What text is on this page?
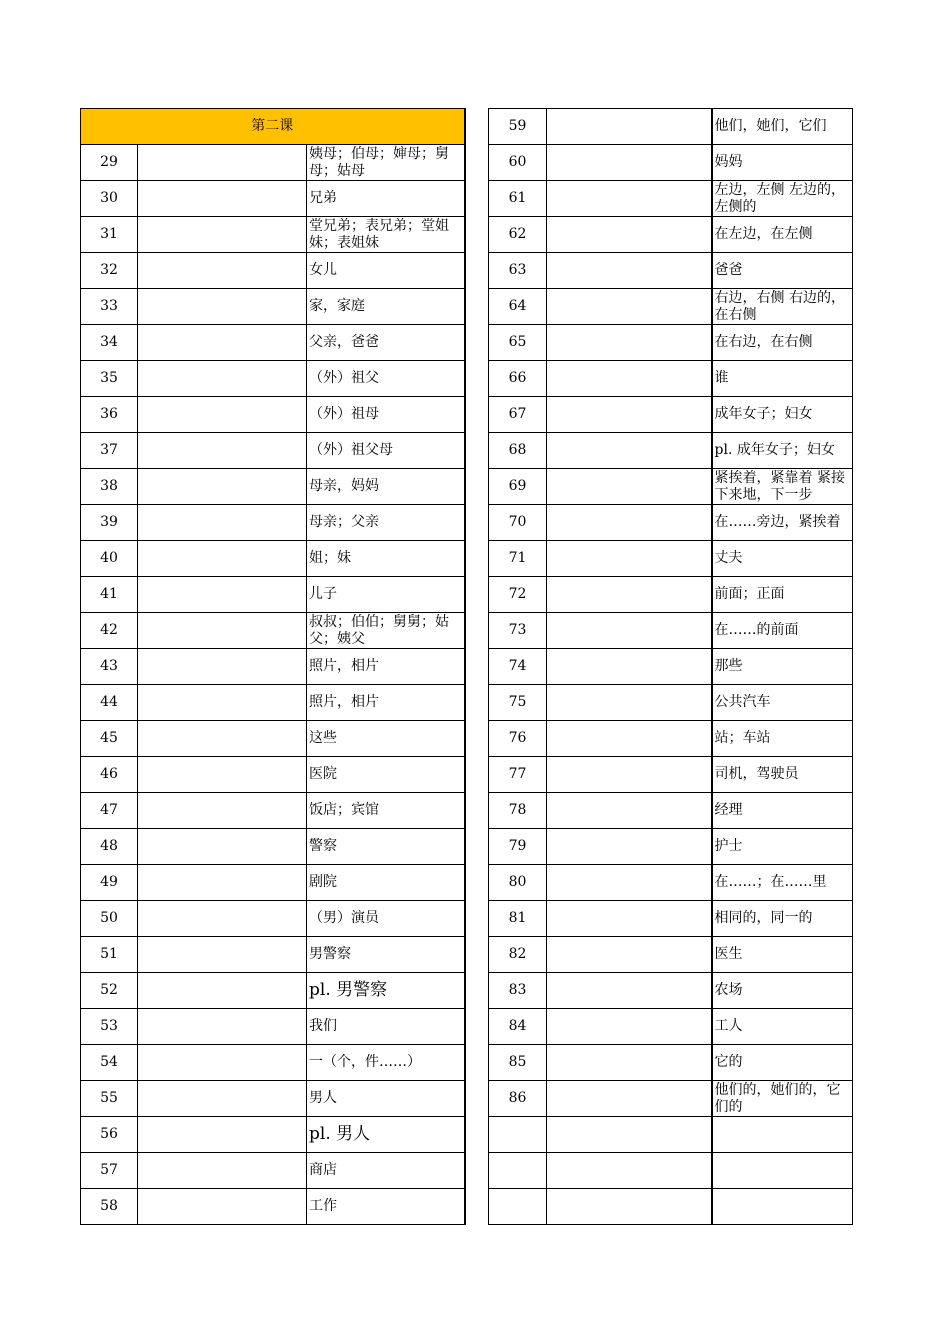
第二课				59		他们，她们，它们
29		姨母；伯母；婶母；舅母；姑母		60		妈妈
30		兄弟		61		左边，左侧 左边的，左侧的
31		堂兄弟；表兄弟；堂姐妹；表姐妹		62		在左边，在左侧
32		女儿		63		爸爸
33		家，家庭		64		右边，右侧 右边的，在右侧
34		父亲，爸爸		65		在右边，在右侧
35		（外）祖父		66		谁
36		（外）祖母		67		成年女子；妇女
37		（外）祖父母		68		pl. 成年女子；妇女
38		母亲，妈妈		69		紧挨着，紧靠着 紧接下来地，下一步
39		母亲；父亲		70		在……旁边，紧挨着
40		姐；妹		71		丈夫
41		儿子		72		前面；正面
42		叔叔；伯伯；舅舅；姑父；姨父		73		在……的前面
43		照片，相片		74		那些
44		照片，相片		75		公共汽车
45		这些		76		站；车站
46		医院		77		司机，驾驶员
47		饭店；宾馆		78		经理
48		警察		79		护士
49		剧院		80		在……；在……里
50		（男）演员		81		相同的，同一的
51		男警察		82		医生
52		pl. 男警察		83		农场
53		我们		84		工人
54		一（个，件……）		85		它的
55		男人		86		他们的，她们的，它们的
56		pl. 男人				
57		商店				
58		工作				
